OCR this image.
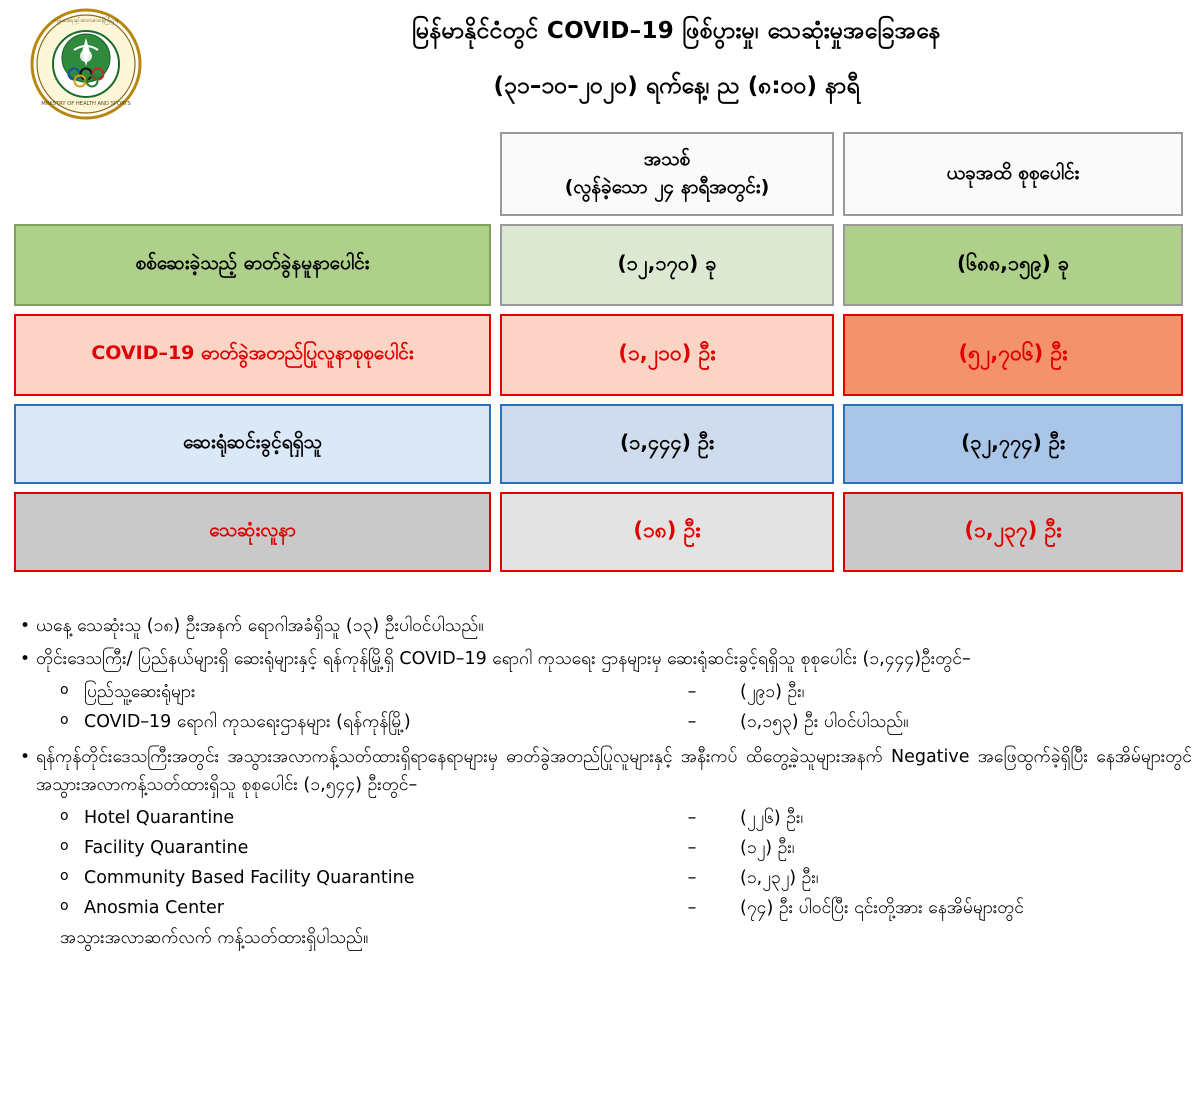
MINISTRY OF HEALTH AND SPORTS
ကျန်းမာရေးနှင့်အားကစားဝန်ကြီးဌာန	မြန်မာနိုင်ငံတွင် COVID–19 ဖြစ်ပွားမှု၊ သေဆုံးမှုအခြေအနေ
(၃၁–၁၀–၂၀၂၀) ရက်နေ့၊ ည (၈:၀၀) နာရီ
အသစ်
(လွန်ခဲ့သော ၂၄ နာရီအတွင်း)
ယခုအထိ စုစုပေါင်း
စစ်ဆေးခဲ့သည့် ဓာတ်ခွဲနမူနာပေါင်း	(၁၂,၁၇၀) ခု	(၆၈၈,၁၅၉) ခု
COVID–19 ဓာတ်ခွဲအတည်ပြုလူနာစုစုပေါင်း	(၁,၂၁၀) ဦး	(၅၂,၇၀၆) ဦး
ဆေးရုံဆင်းခွင့်ရရှိသူ	(၁,၄၄၄) ဦး	(၃၂,၇၇၄) ဦး
သေဆုံးလူနာ	(၁၈) ဦး	(၁,၂၃၇) ဦး
• ယနေ့ သေဆုံးသူ (၁၈) ဦးအနက် ရောဂါအခံရှိသူ (၁၃) ဦးပါဝင်ပါသည်။
• တိုင်းဒေသကြီး/ ပြည်နယ်များရှိ ဆေးရုံများနှင့် ရန်ကုန်မြို့ရှိ COVID–19 ရောဂါ ကုသရေး ဌာနများမှ ဆေးရုံဆင်းခွင့်ရရှိသူ စုစုပေါင်း (၁,၄၄၄)ဦးတွင်–
o ပြည်သူ့ဆေးရုံများ	–	(၂၉၁) ဦး၊
o COVID–19 ရောဂါ ကုသရေးဌာနများ (ရန်ကုန်မြို့)	–	(၁,၁၅၃) ဦး ပါဝင်ပါသည်။
• ရန်ကုန်တိုင်းဒေသကြီးအတွင်း အသွားအလာကန့်သတ်ထားရှိရာနေရာများမှ ဓာတ်ခွဲအတည်ပြုလူများနှင့် အနီးကပ် ထိတွေ့ခဲ့သူများအနက် Negative အဖြေထွက်ခဲ့ရှိပြီး နေအိမ်များတွင် အသွားအလာကန့်သတ်ထားရှိသူ စုစုပေါင်း (၁,၅၄၄) ဦးတွင်–
o Hotel Quarantine	–	(၂၂၆) ဦး၊
o Facility Quarantine	–	(၁၂) ဦး၊
o Community Based Facility Quarantine	–	(၁,၂၃၂) ဦး၊
o Anosmia Center	–	(၇၄) ဦး ပါဝင်ပြီး ၎င်းတို့အား နေအိမ်များတွင်
အသွားအလာဆက်လက် ကန့်သတ်ထားရှိပါသည်။
